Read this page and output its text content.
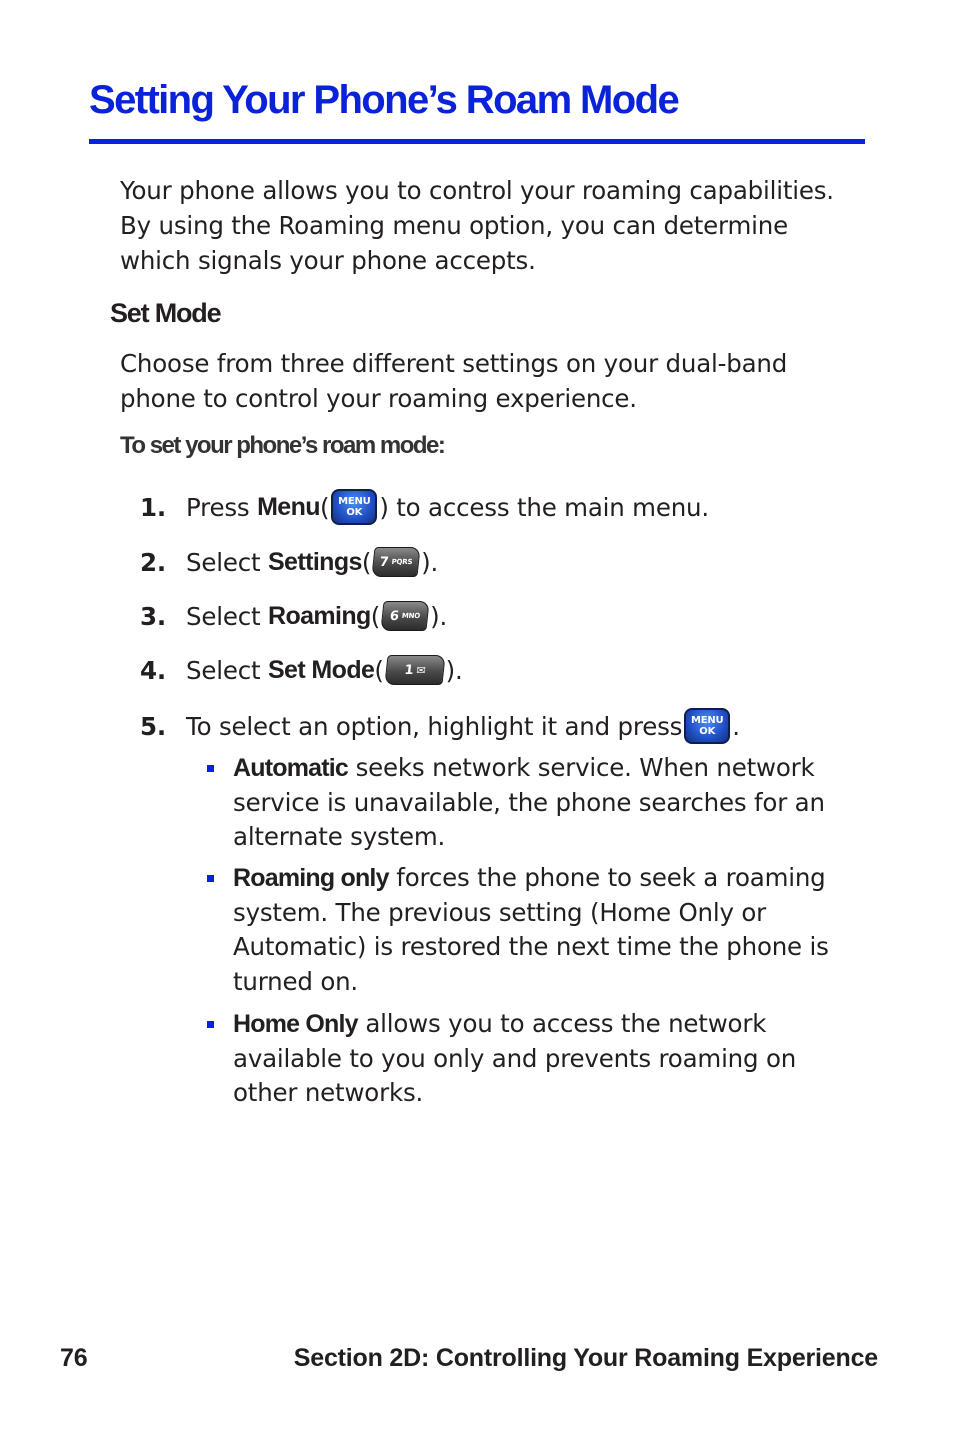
Setting Your Phone’s Roam Mode

Your phone allows you to control your roaming capabilities. By using the Roaming menu option, you can determine which signals your phone accepts.

Set Mode

Choose from three different settings on your dual-band phone to control your roaming experience.

To set your phone’s roam mode:
1. Press
Menu ( MENU
OK ) to access the main menu.
2. Select
Settings ( 7 PQRS ).
3. Select
Roaming ( 6 MNO ).
4. Select
Set Mode ( 1 ✉ ).
5. To select an option, highlight it and press MENU
OK .
Automatic seeks network service. When network service is unavailable, the phone searches for an alternate system.
Roaming only forces the phone to seek a roaming system. The previous setting (Home Only or Automatic) is restored the next time the phone is turned on.
Home Only allows you to access the network available to you only and prevents roaming on other networks.
76	Section 2D: Controlling Your Roaming Experience
